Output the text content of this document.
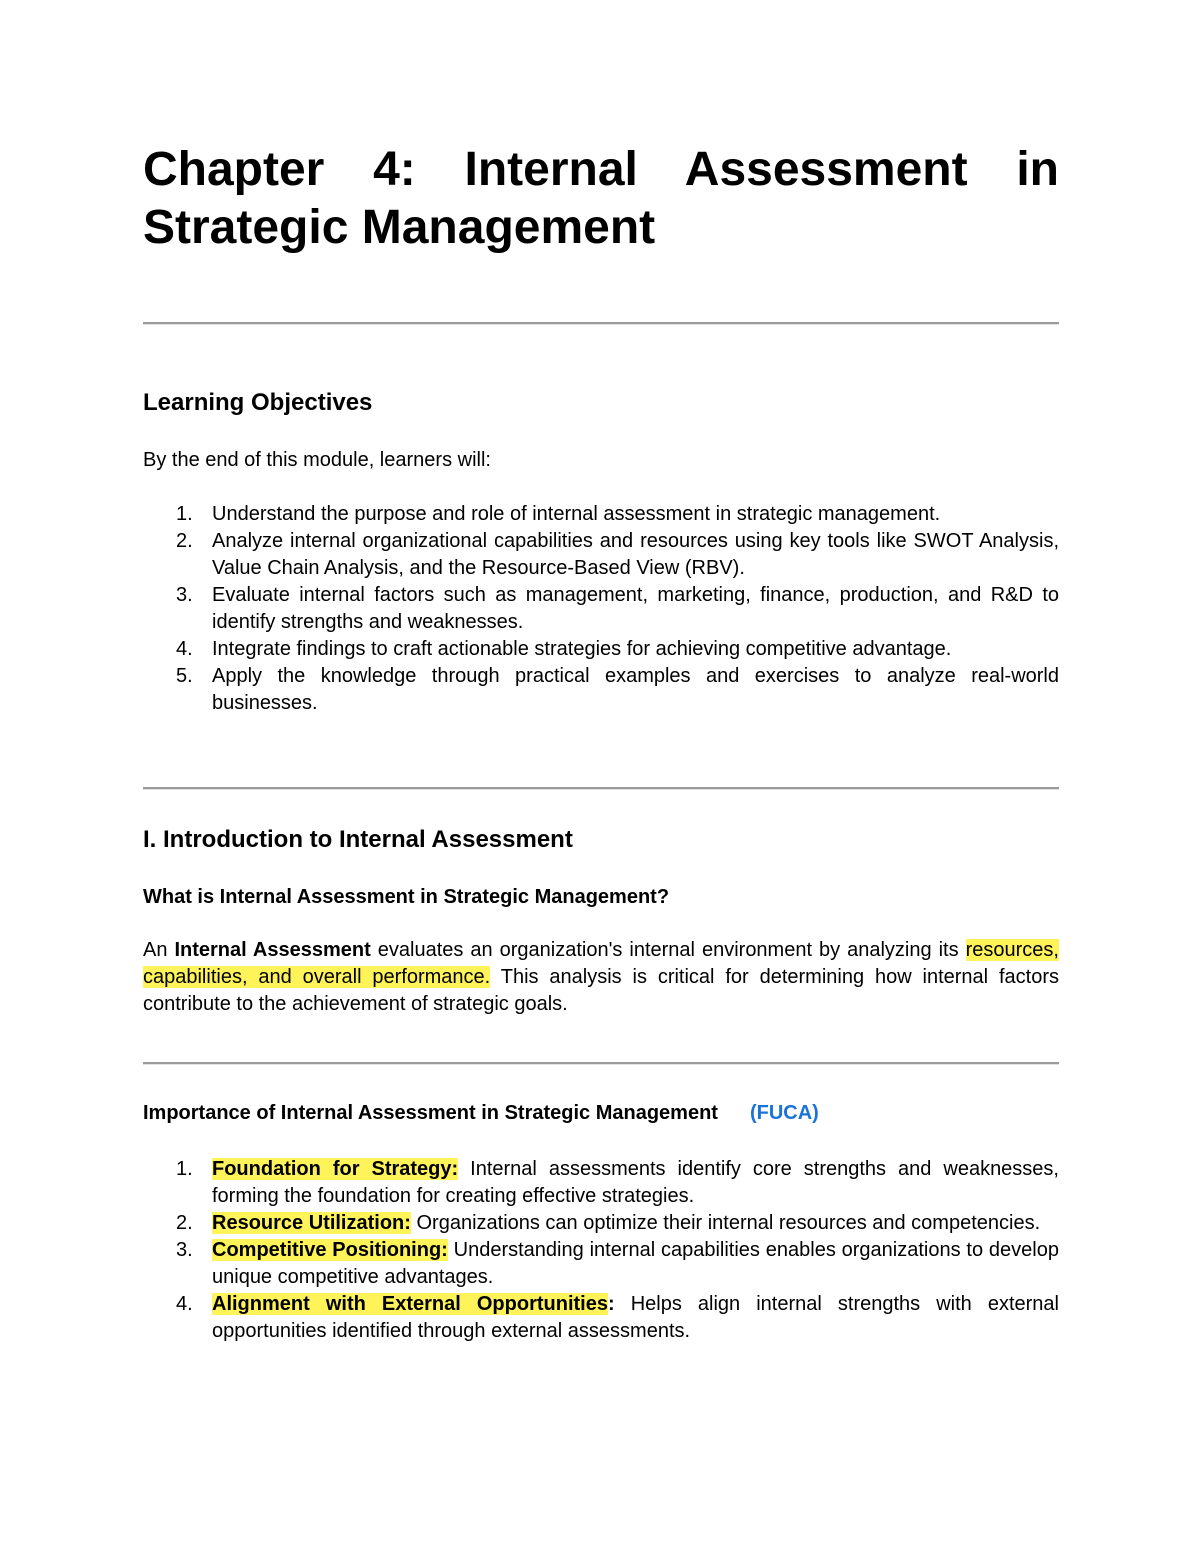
Chapter 4: Internal Assessment in Strategic Management
Learning Objectives

By the end of this module, learners will:

1. Understand the purpose and role of internal assessment in strategic management.
2. Analyze internal organizational capabilities and resources using key tools like SWOT Analysis, Value Chain Analysis, and the Resource-Based View (RBV).
3. Evaluate internal factors such as management, marketing, finance, production, and R&D to identify strengths and weaknesses.
4. Integrate findings to craft actionable strategies for achieving competitive advantage.
5. Apply the knowledge through practical examples and exercises to analyze real-world businesses.
I. Introduction to Internal Assessment
What is Internal Assessment in Strategic Management?

An Internal Assessment evaluates an organization's internal environment by analyzing its resources, capabilities, and overall performance. This analysis is critical for determining how internal factors contribute to the achievement of strategic goals.

Importance of Internal Assessment in Strategic Management (FUCA)
1. Foundation for Strategy: Internal assessments identify core strengths and weaknesses, forming the foundation for creating effective strategies.
2. Resource Utilization: Organizations can optimize their internal resources and competencies.
3. Competitive Positioning: Understanding internal capabilities enables organizations to develop unique competitive advantages.
4. Alignment with External Opportunities: Helps align internal strengths with external opportunities identified through external assessments.
